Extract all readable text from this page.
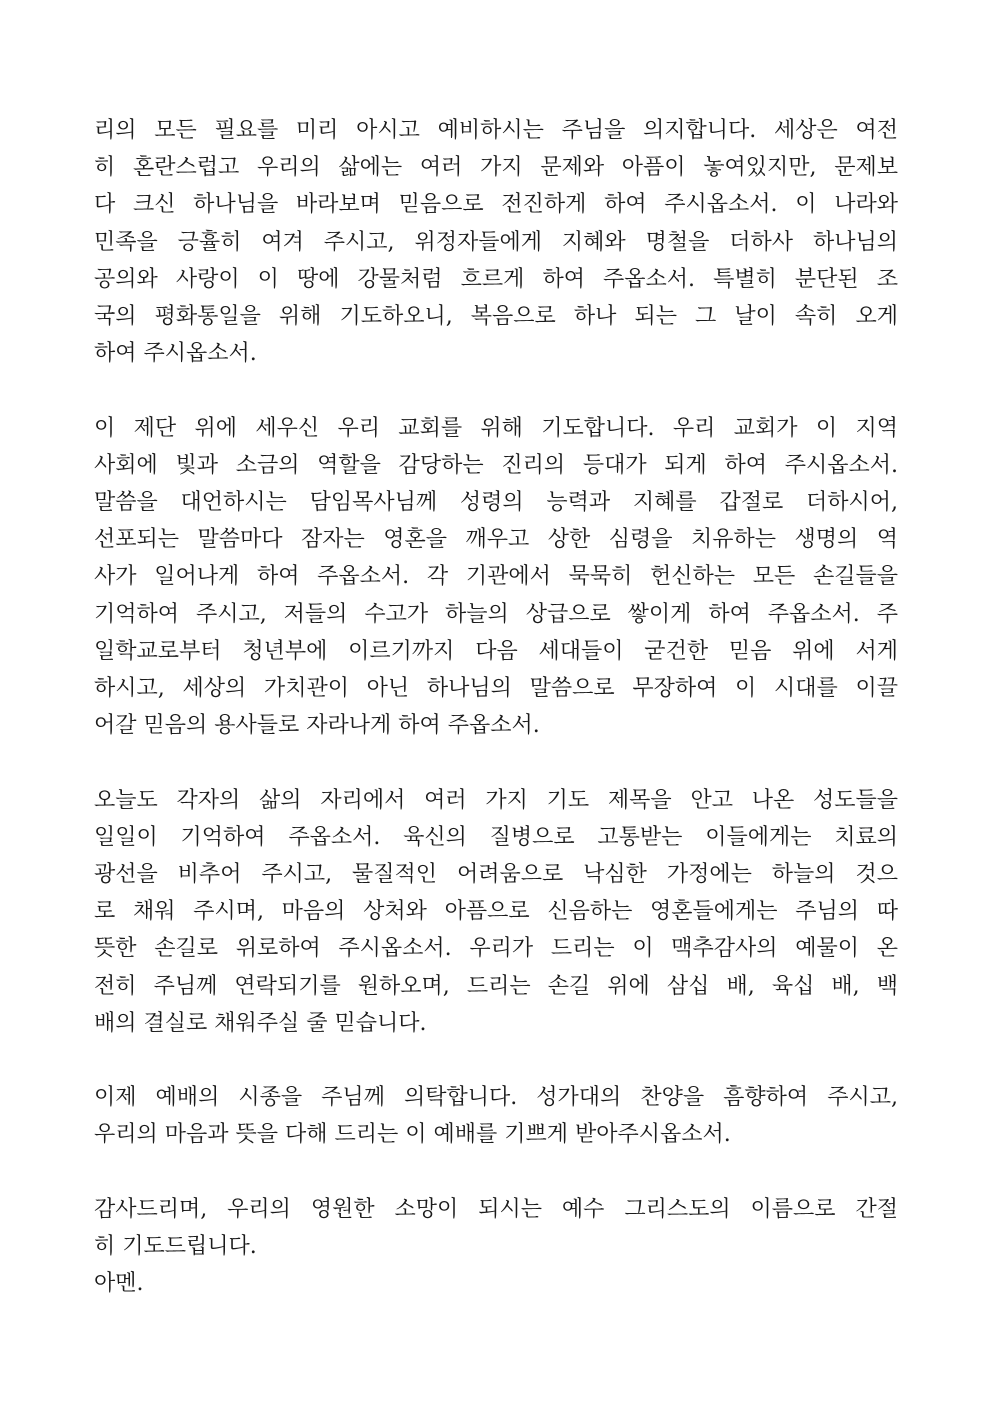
리의 모든 필요를 미리 아시고 예비하시는 주님을 의지합니다. 세상은 여전
히 혼란스럽고 우리의 삶에는 여러 가지 문제와 아픔이 놓여있지만, 문제보
다 크신 하나님을 바라보며 믿음으로 전진하게 하여 주시옵소서. 이 나라와
민족을 긍휼히 여겨 주시고, 위정자들에게 지혜와 명철을 더하사 하나님의
공의와 사랑이 이 땅에 강물처럼 흐르게 하여 주옵소서. 특별히 분단된 조
국의 평화통일을 위해 기도하오니, 복음으로 하나 되는 그 날이 속히 오게
하여 주시옵소서.
이 제단 위에 세우신 우리 교회를 위해 기도합니다. 우리 교회가 이 지역
사회에 빛과 소금의 역할을 감당하는 진리의 등대가 되게 하여 주시옵소서.
말씀을 대언하시는 담임목사님께 성령의 능력과 지혜를 갑절로 더하시어,
선포되는 말씀마다 잠자는 영혼을 깨우고 상한 심령을 치유하는 생명의 역
사가 일어나게 하여 주옵소서. 각 기관에서 묵묵히 헌신하는 모든 손길들을
기억하여 주시고, 저들의 수고가 하늘의 상급으로 쌓이게 하여 주옵소서. 주
일학교로부터 청년부에 이르기까지 다음 세대들이 굳건한 믿음 위에 서게
하시고, 세상의 가치관이 아닌 하나님의 말씀으로 무장하여 이 시대를 이끌
어갈 믿음의 용사들로 자라나게 하여 주옵소서.
오늘도 각자의 삶의 자리에서 여러 가지 기도 제목을 안고 나온 성도들을
일일이 기억하여 주옵소서. 육신의 질병으로 고통받는 이들에게는 치료의
광선을 비추어 주시고, 물질적인 어려움으로 낙심한 가정에는 하늘의 것으
로 채워 주시며, 마음의 상처와 아픔으로 신음하는 영혼들에게는 주님의 따
뜻한 손길로 위로하여 주시옵소서. 우리가 드리는 이 맥추감사의 예물이 온
전히 주님께 연락되기를 원하오며, 드리는 손길 위에 삼십 배, 육십 배, 백
배의 결실로 채워주실 줄 믿습니다.
이제 예배의 시종을 주님께 의탁합니다. 성가대의 찬양을 흠향하여 주시고,
우리의 마음과 뜻을 다해 드리는 이 예배를 기쁘게 받아주시옵소서.
감사드리며, 우리의 영원한 소망이 되시는 예수 그리스도의 이름으로 간절
히 기도드립니다.
아멘.
